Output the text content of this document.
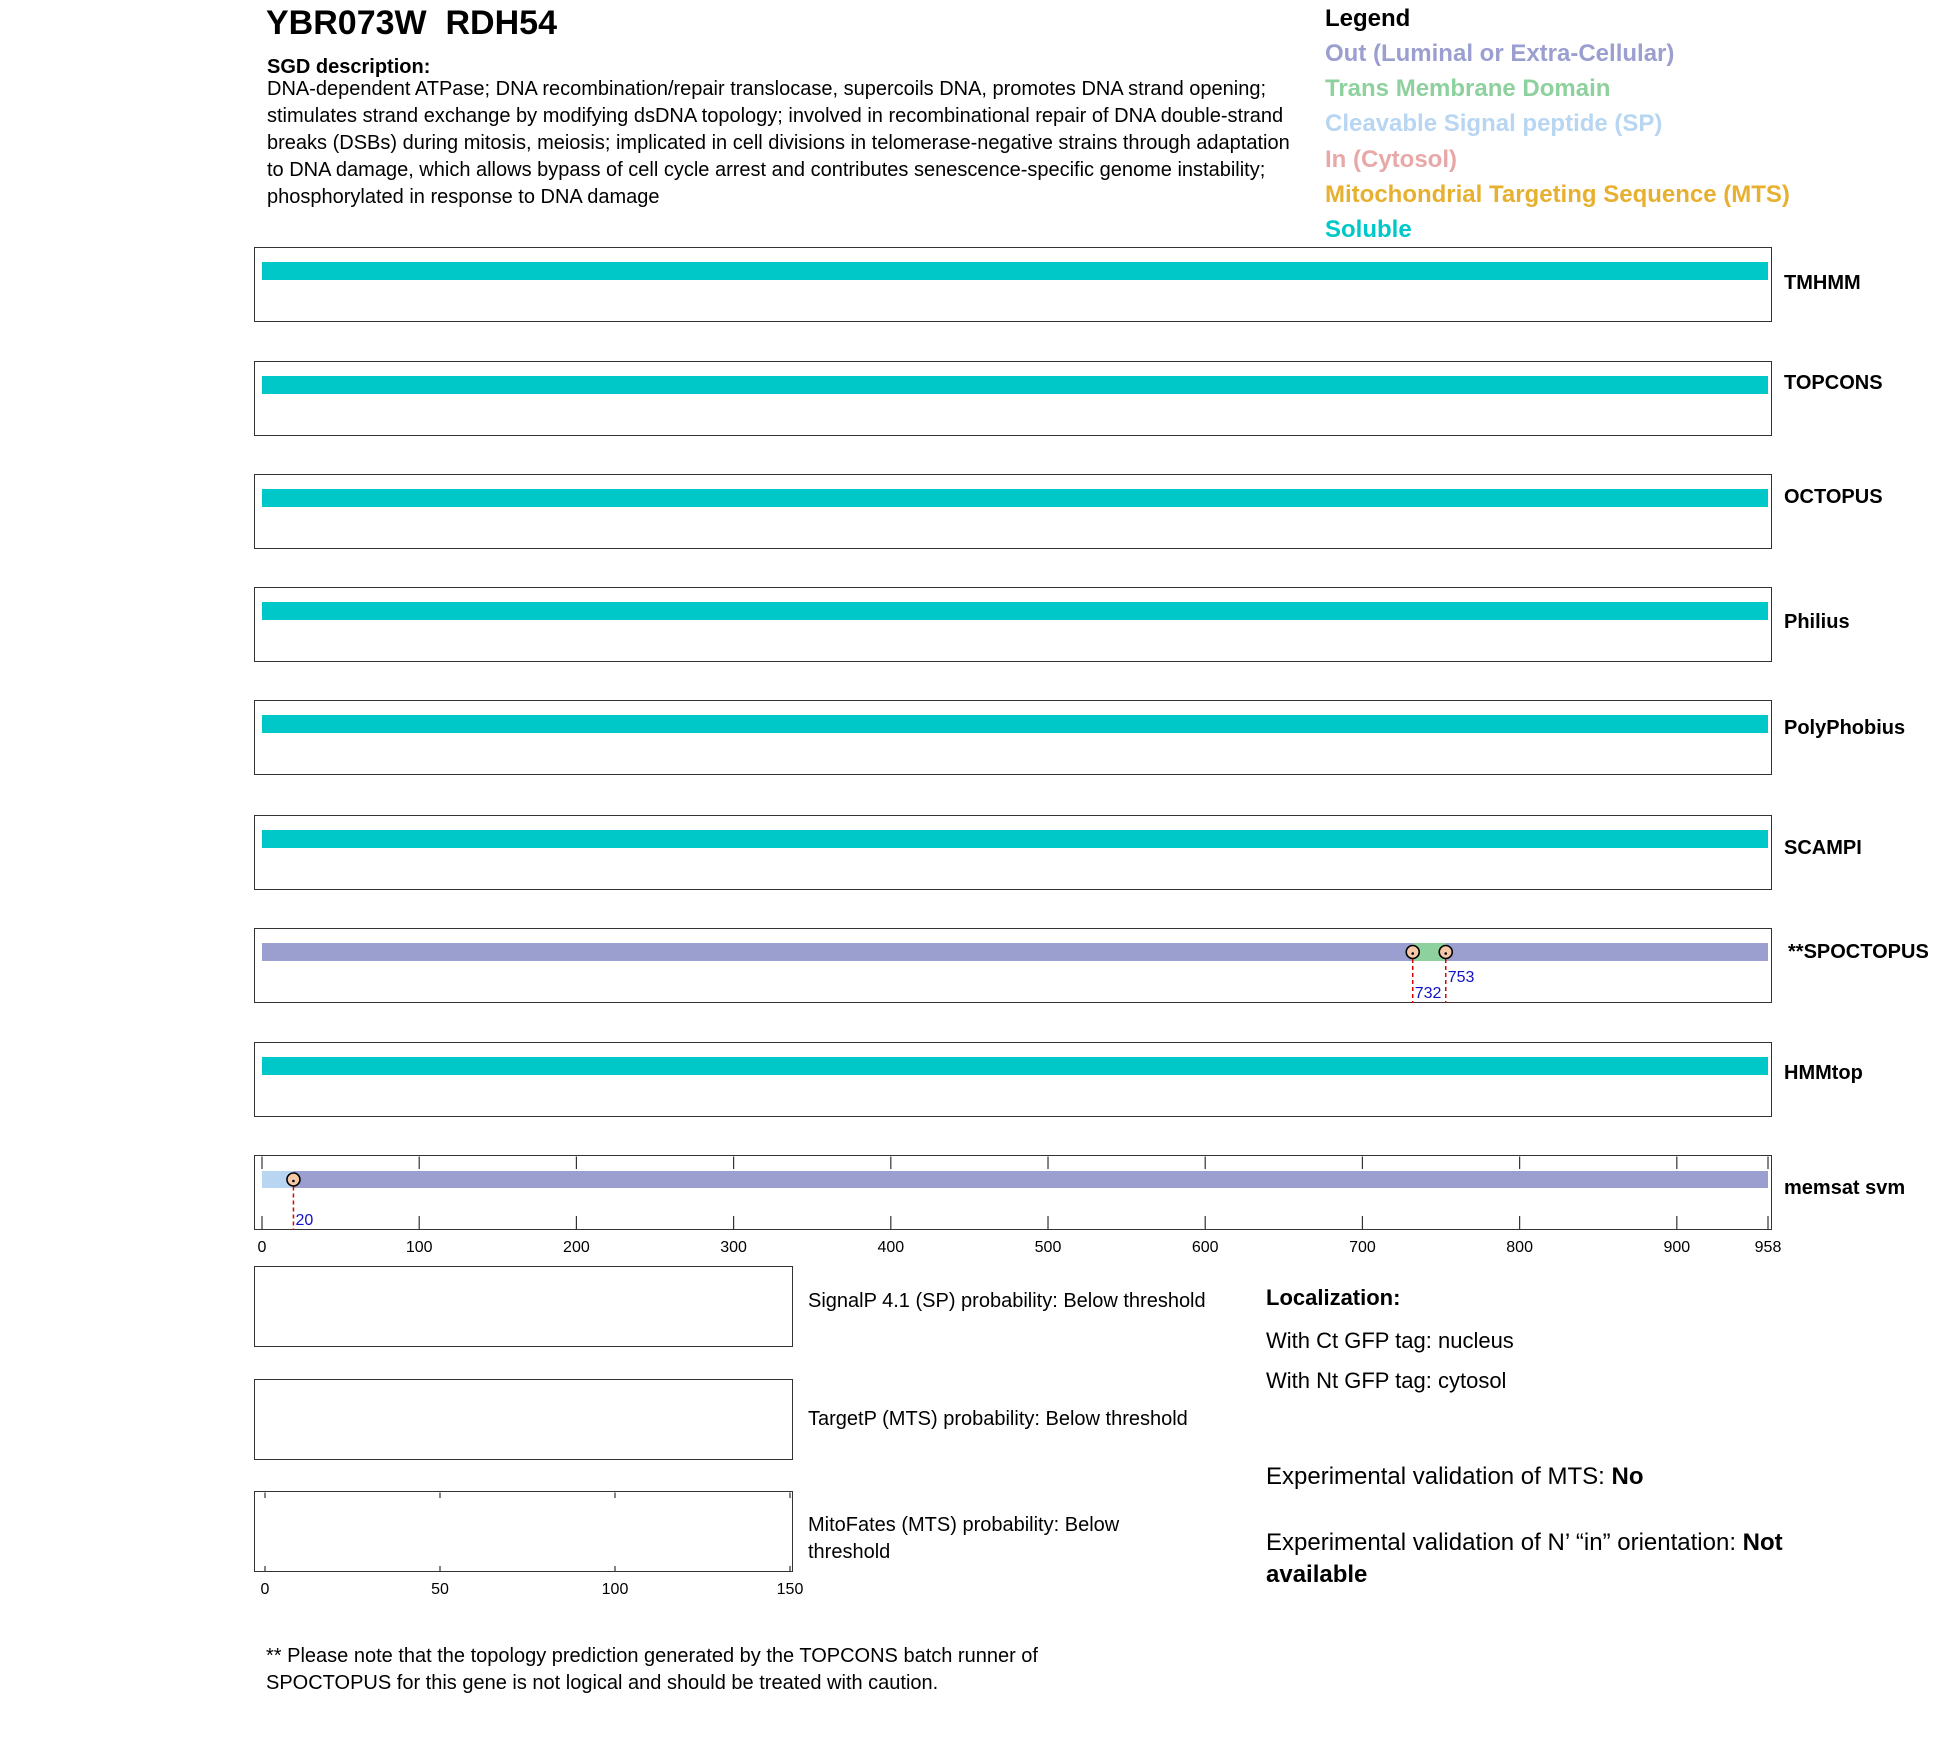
YBR073W  RDH54
SGD description:
DNA-dependent ATPase; DNA recombination/repair translocase, supercoils DNA, promotes DNA strand opening; stimulates strand exchange by modifying dsDNA topology; involved in recombinational repair of DNA double-strand breaks (DSBs) during mitosis, meiosis; implicated in cell divisions in telomerase-negative strains through adaptation to DNA damage, which allows bypass of cell cycle arrest and contributes senescence-specific genome instability; phosphorylated in response to DNA damage
Legend
Out (Luminal or Extra-Cellular)
Trans Membrane Domain
Cleavable Signal peptide (SP)
In (Cytosol)
Mitochondrial Targeting Sequence (MTS)
Soluble
TMHMM
TOPCONS
OCTOPUS
Philius
PolyPhobius
SCAMPI
732
753
**SPOCTOPUS
HMMtop
0	100	200	300	400	500	600	700	800	900	958
20
memsat svm
0	50	100	150
SignalP 4.1 (SP) probability: Below threshold
TargetP (MTS) probability: Below threshold
MitoFates (MTS) probability: Below threshold
Localization:
With Ct GFP tag: nucleus
With Nt GFP tag: cytosol
Experimental validation of MTS: No
Experimental validation of N’ “in” orientation: Not available
** Please note that the topology prediction generated by the TOPCONS batch runner of SPOCTOPUS for this gene is not logical and should be treated with caution.
